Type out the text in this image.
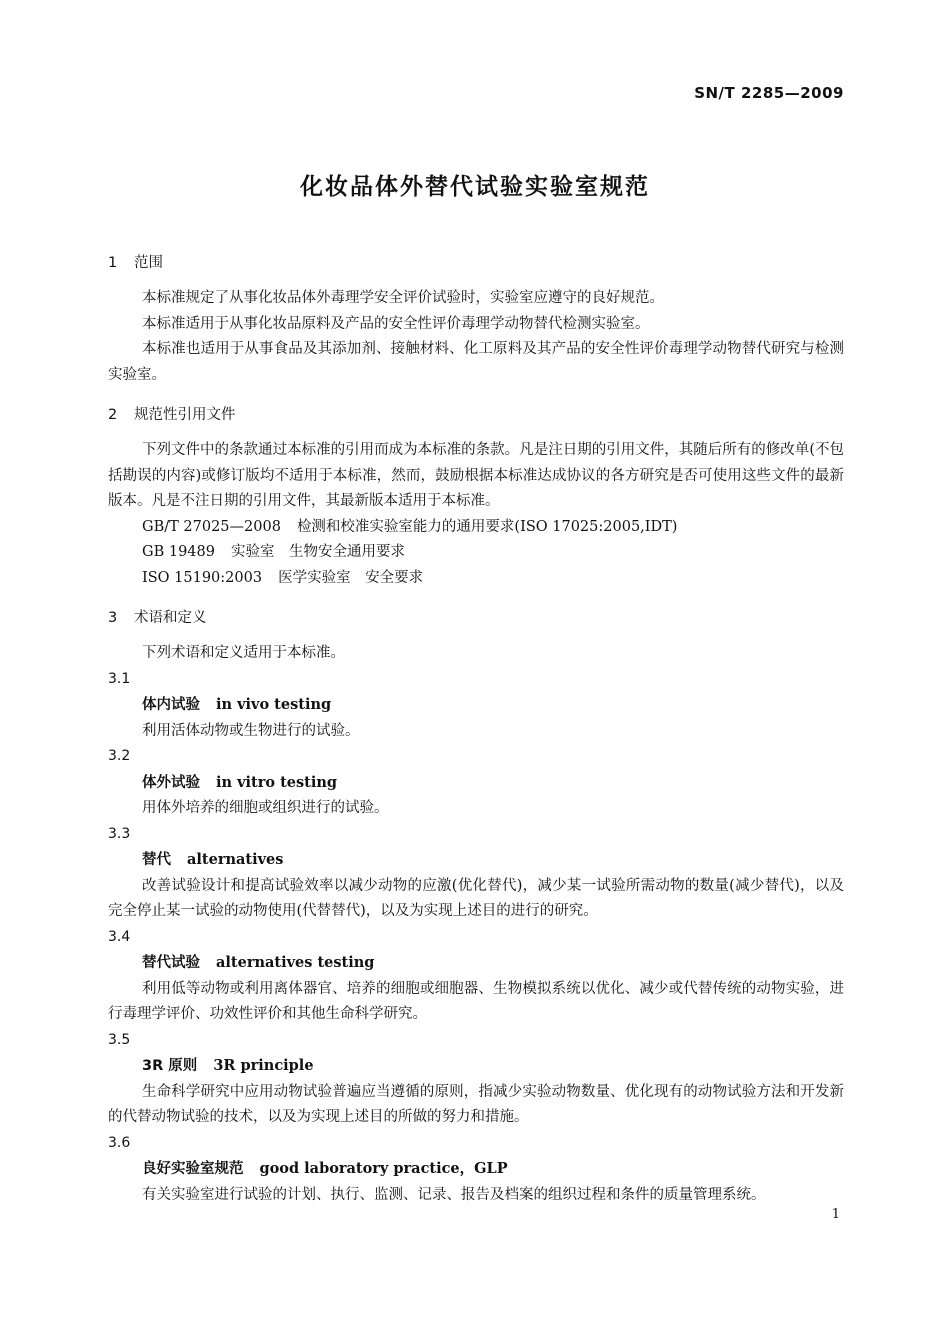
SN/T 2285—2009
化妆品体外替代试验实验室规范
1 范围

本标准规定了从事化妆品体外毒理学安全评价试验时，实验室应遵守的良好规范。

本标准适用于从事化妆品原料及产品的安全性评价毒理学动物替代检测实验室。

本标准也适用于从事食品及其添加剂、接触材料、化工原料及其产品的安全性评价毒理学动物替代研究与检测实验室。

2 规范性引用文件

下列文件中的条款通过本标准的引用而成为本标准的条款。凡是注日期的引用文件，其随后所有的修改单(不包括勘误的内容)或修订版均不适用于本标准，然而，鼓励根据本标准达成协议的各方研究是否可使用这些文件的最新版本。凡是不注日期的引用文件，其最新版本适用于本标准。

GB/T 27025—2008 检测和校准实验室能力的通用要求(ISO 17025:2005,IDT)

GB 19489 实验室　生物安全通用要求

ISO 15190:2003 医学实验室　安全要求

3 术语和定义

下列术语和定义适用于本标准。

3.1

体内试验 in vivo testing

利用活体动物或生物进行的试验。

3.2

体外试验 in vitro testing

用体外培养的细胞或组织进行的试验。

3.3

替代 alternatives

改善试验设计和提高试验效率以减少动物的应激(优化替代)，减少某一试验所需动物的数量(减少替代)，以及完全停止某一试验的动物使用(代替替代)，以及为实现上述目的进行的研究。

3.4

替代试验 alternatives testing

利用低等动物或利用离体器官、培养的细胞或细胞器、生物模拟系统以优化、减少或代替传统的动物实验，进行毒理学评价、功效性评价和其他生命科学研究。

3.5

3R 原则 3R principle

生命科学研究中应用动物试验普遍应当遵循的原则，指减少实验动物数量、优化现有的动物试验方法和开发新的代替动物试验的技术，以及为实现上述目的所做的努力和措施。

3.6

良好实验室规范 good laboratory practice，GLP

有关实验室进行试验的计划、执行、监测、记录、报告及档案的组织过程和条件的质量管理系统。

1
